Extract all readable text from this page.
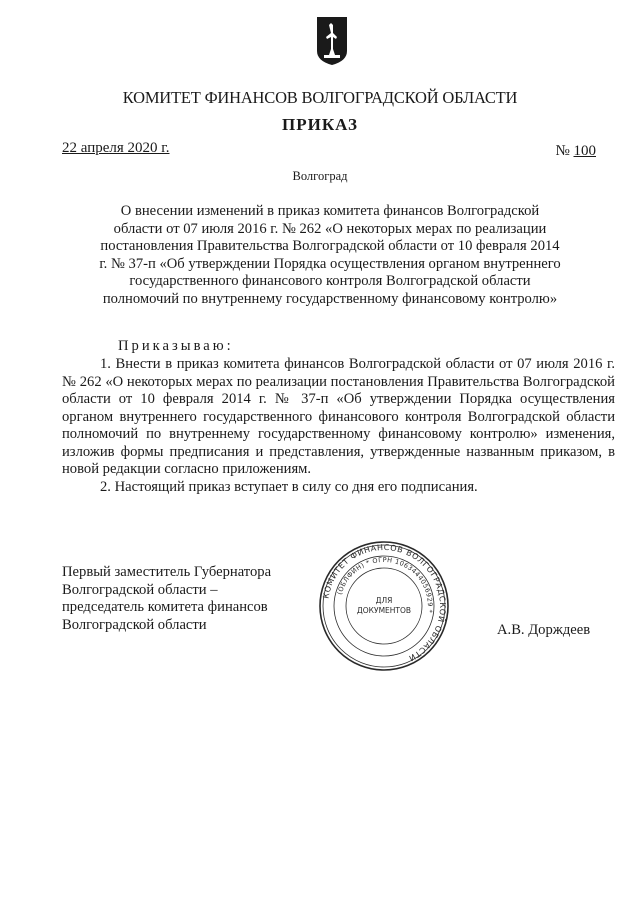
КОМИТЕТ ФИНАНСОВ ВОЛГОГРАДСКОЙ ОБЛАСТИ
ПРИКАЗ
22 апреля 2020 г.	№ 100
Волгоград
О внесении изменений в приказ комитета финансов Волгоградской области от 07 июля 2016 г. № 262 «О некоторых мерах по реализации постановления Правительства Волгоградской области от 10 февраля 2014 г. № 37-п «Об утверждении Порядка осуществления органом внутреннего государственного финансового контроля Волгоградской области полномочий по внутреннему государственному финансовому контролю»
Приказываю:

1. Внести в приказ комитета финансов Волгоградской области от 07 июля 2016 г. № 262 «О некоторых мерах по реализации постановления Правительства Волгоградской области от 10 февраля 2014 г. № 37-п «Об утверждении Порядка осуществления органом внутреннего государственного финансового контроля Волгоградской области полномочий по внутреннему государственному финансовому контролю» изменения, изложив формы предписания и представления, утвержденные названным приказом, в новой редакции согласно приложениям.

2. Настоящий приказ вступает в силу со дня его подписания.

Первый заместитель Губернатора
Волгоградской области –
председатель комитета финансов
Волгоградской области
КОМИТЕТ ФИНАНСОВ ВОЛГОГРАДСКОЙ ОБЛАСТИ
(ОБЛФИН) * ОГРН 1063444056929 *
ДЛЯ
ДОКУМЕНТОВ
А.В. Дорждеев
